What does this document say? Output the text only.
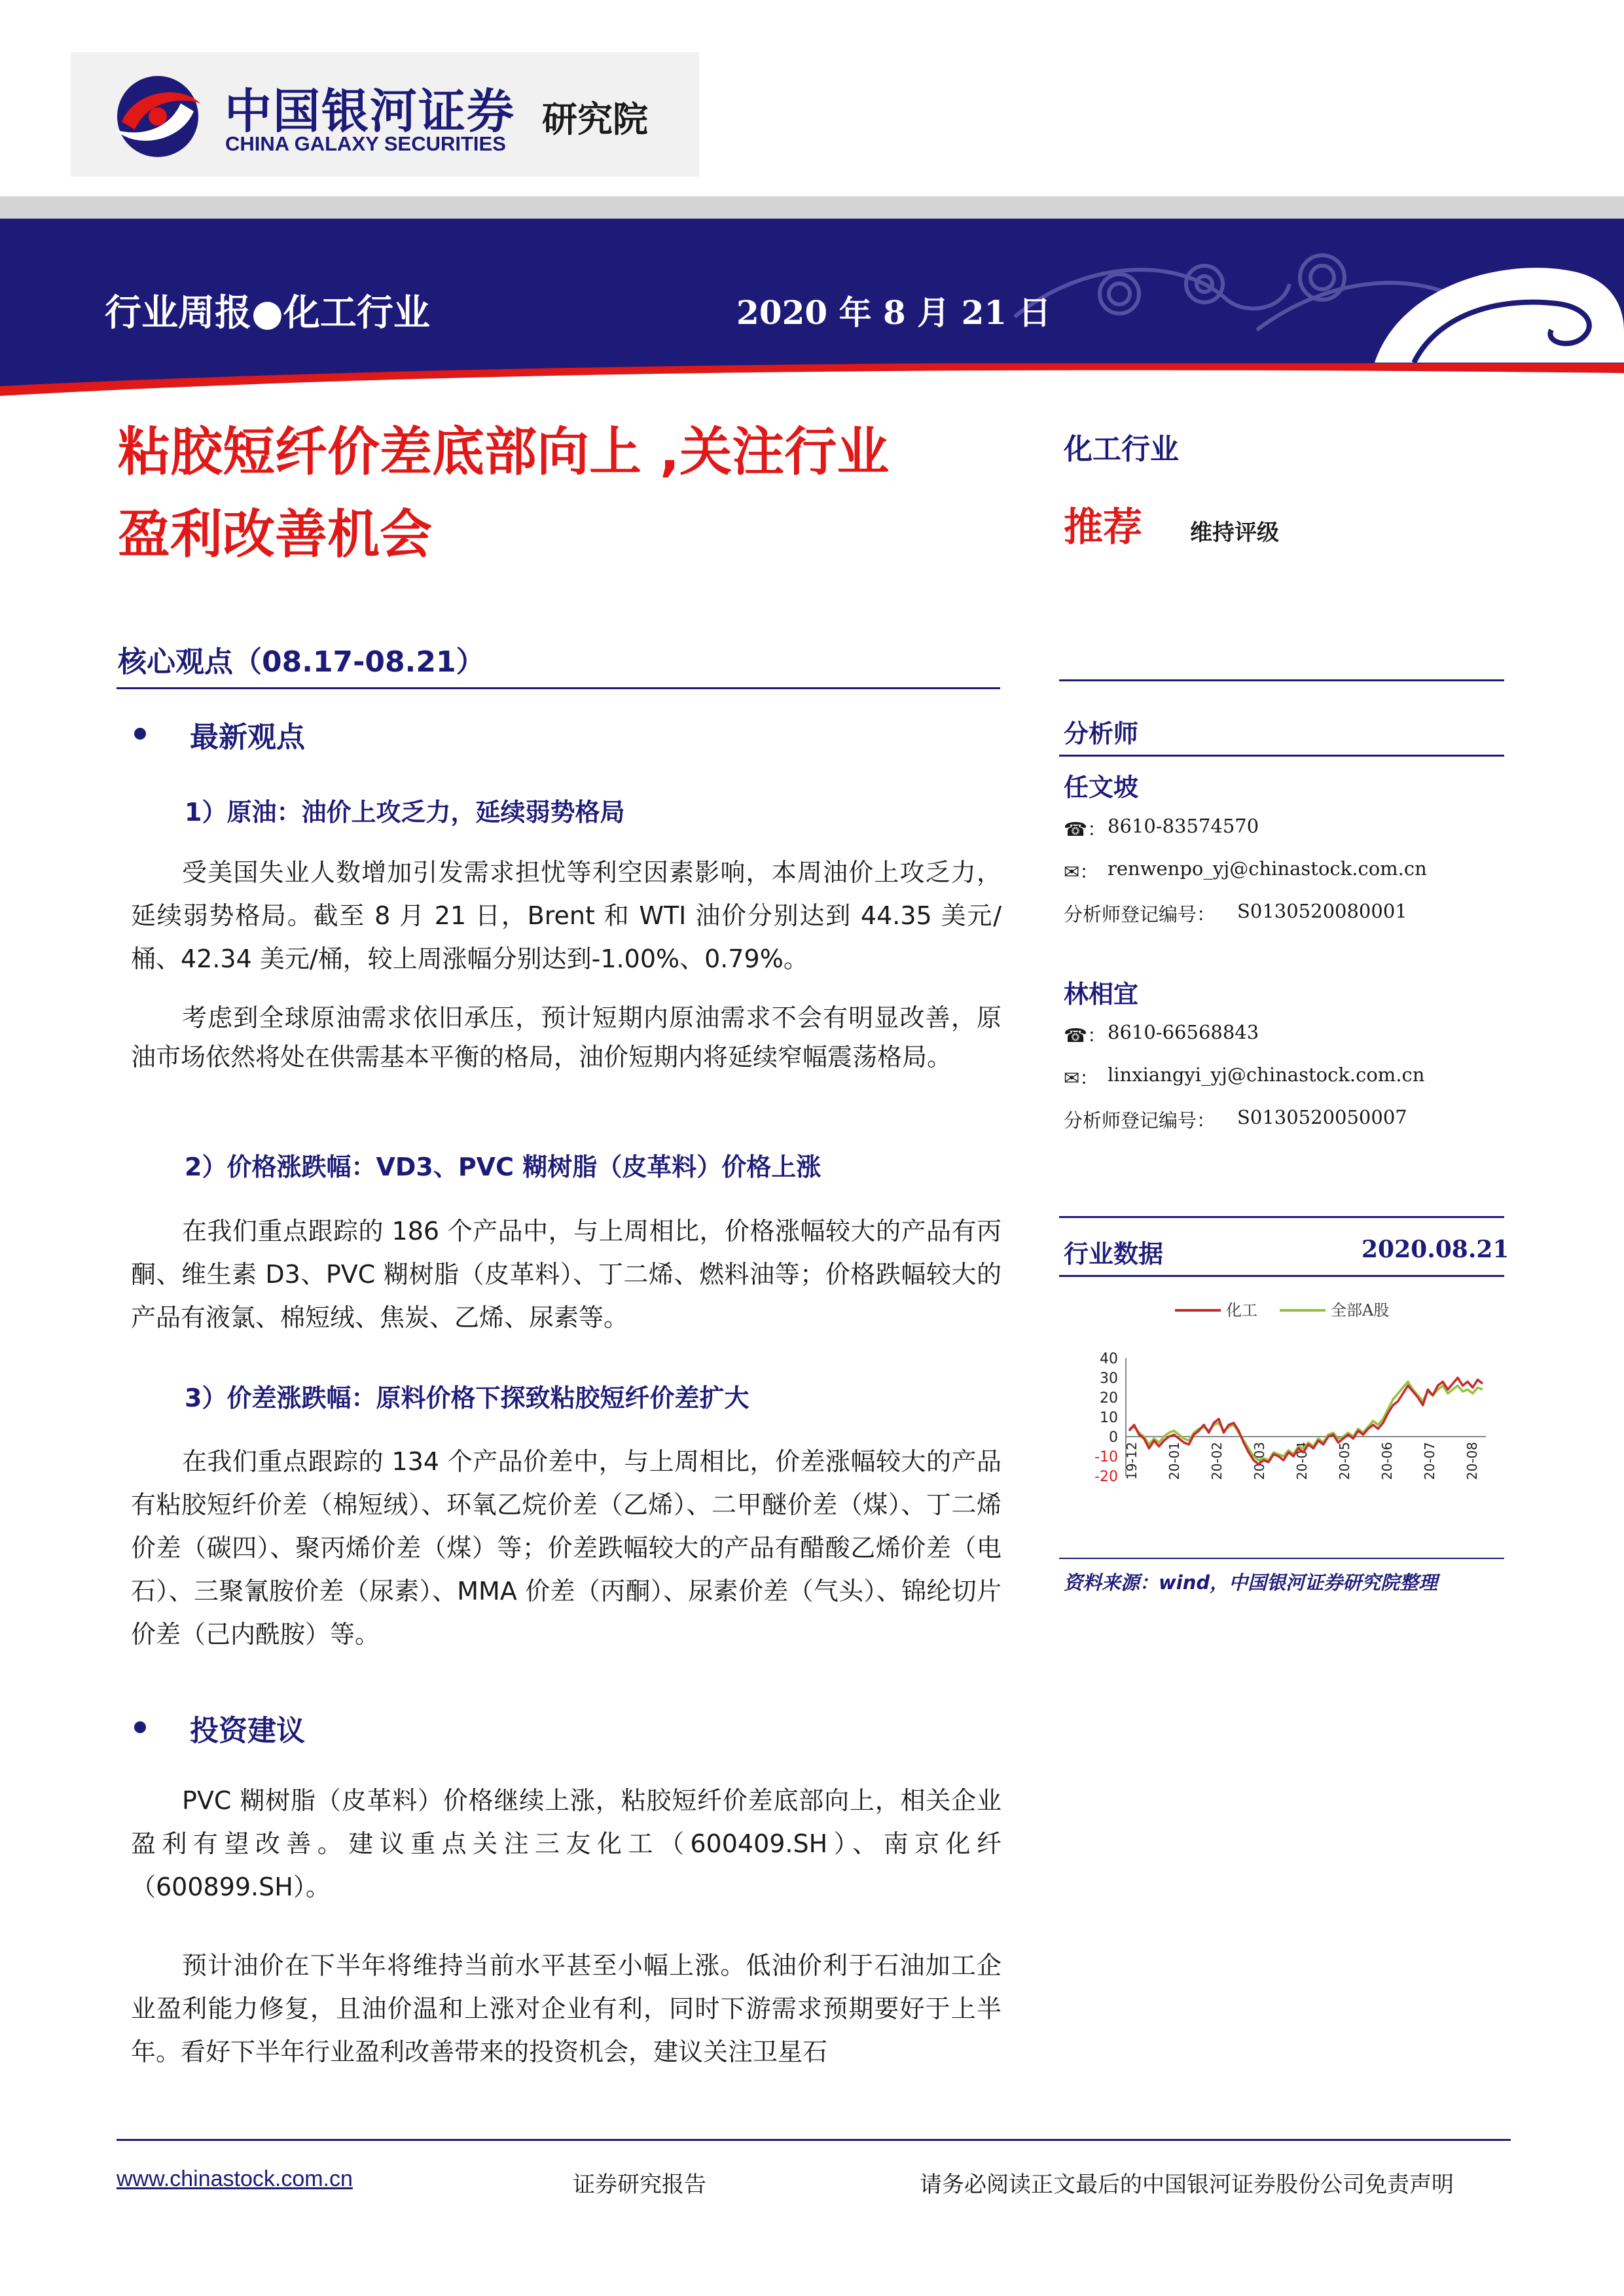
中国银河证券
CHINA GALAXY SECURITIES
研究院
行业周报●化工行业	2020 年 8 月 21 日
粘胶短纤价差底部向上 ,关注行业
盈利改善机会
核心观点（08.17-08.21）
最新观点
1）原油：油价上攻乏力，延续弱势格局
受美国失业人数增加引发需求担忧等利空因素影响，本周油价上攻乏力，延续弱势格局。截至 8 月 21 日，Brent 和 WTI 油价分别达到 44.35 美元/桶、42.34 美元/桶，较上周涨幅分别达到-1.00%、0.79%。
考虑到全球原油需求依旧承压，预计短期内原油需求不会有明显改善，原油市场依然将处在供需基本平衡的格局，油价短期内将延续窄幅震荡格局。
2）价格涨跌幅：VD3、PVC 糊树脂（皮革料）价格上涨
在我们重点跟踪的 186 个产品中，与上周相比，价格涨幅较大的产品有丙酮、维生素 D3、PVC 糊树脂（皮革料）、丁二烯、燃料油等；价格跌幅较大的产品有液氯、棉短绒、焦炭、乙烯、尿素等。
3）价差涨跌幅：原料价格下探致粘胶短纤价差扩大
在我们重点跟踪的 134 个产品价差中，与上周相比，价差涨幅较大的产品有粘胶短纤价差（棉短绒）、环氧乙烷价差（乙烯）、二甲醚价差（煤）、丁二烯价差（碳四）、聚丙烯价差（煤）等；价差跌幅较大的产品有醋酸乙烯价差（电石）、三聚氰胺价差（尿素）、MMA 价差（丙酮）、尿素价差（气头）、锦纶切片价差（己内酰胺）等。
投资建议
PVC 糊树脂（皮革料）价格继续上涨，粘胶短纤价差底部向上，相关企业盈利有望改善。建议重点关注三友化工（600409.SH）、南京化纤（600899.SH）。
预计油价在下半年将维持当前水平甚至小幅上涨。低油价利于石油加工企业盈利能力修复，且油价温和上涨对企业有利，同时下游需求预期要好于上半年。看好下半年行业盈利改善带来的投资机会，建议关注卫星石
化工行业
推荐 维持评级
分析师
任文坡
☎： 8610-83574570
✉： renwenpo_yj@chinastock.com.cn
分析师登记编号： S0130520080001
林相宜
☎： 8610-66568843
✉： linxiangyi_yj@chinastock.com.cn
分析师登记编号： S0130520050007
行业数据	2020.08.21
化工	全部A股
-20
-10
0
10
20
30
40
19-12 20-01 20-02 20-03 20-04 20-05 20-06 20-07 20-08
资料来源：wind，中国银河证券研究院整理
www.chinastock.com.cn	证券研究报告	请务必阅读正文最后的中国银河证券股份公司免责声明
